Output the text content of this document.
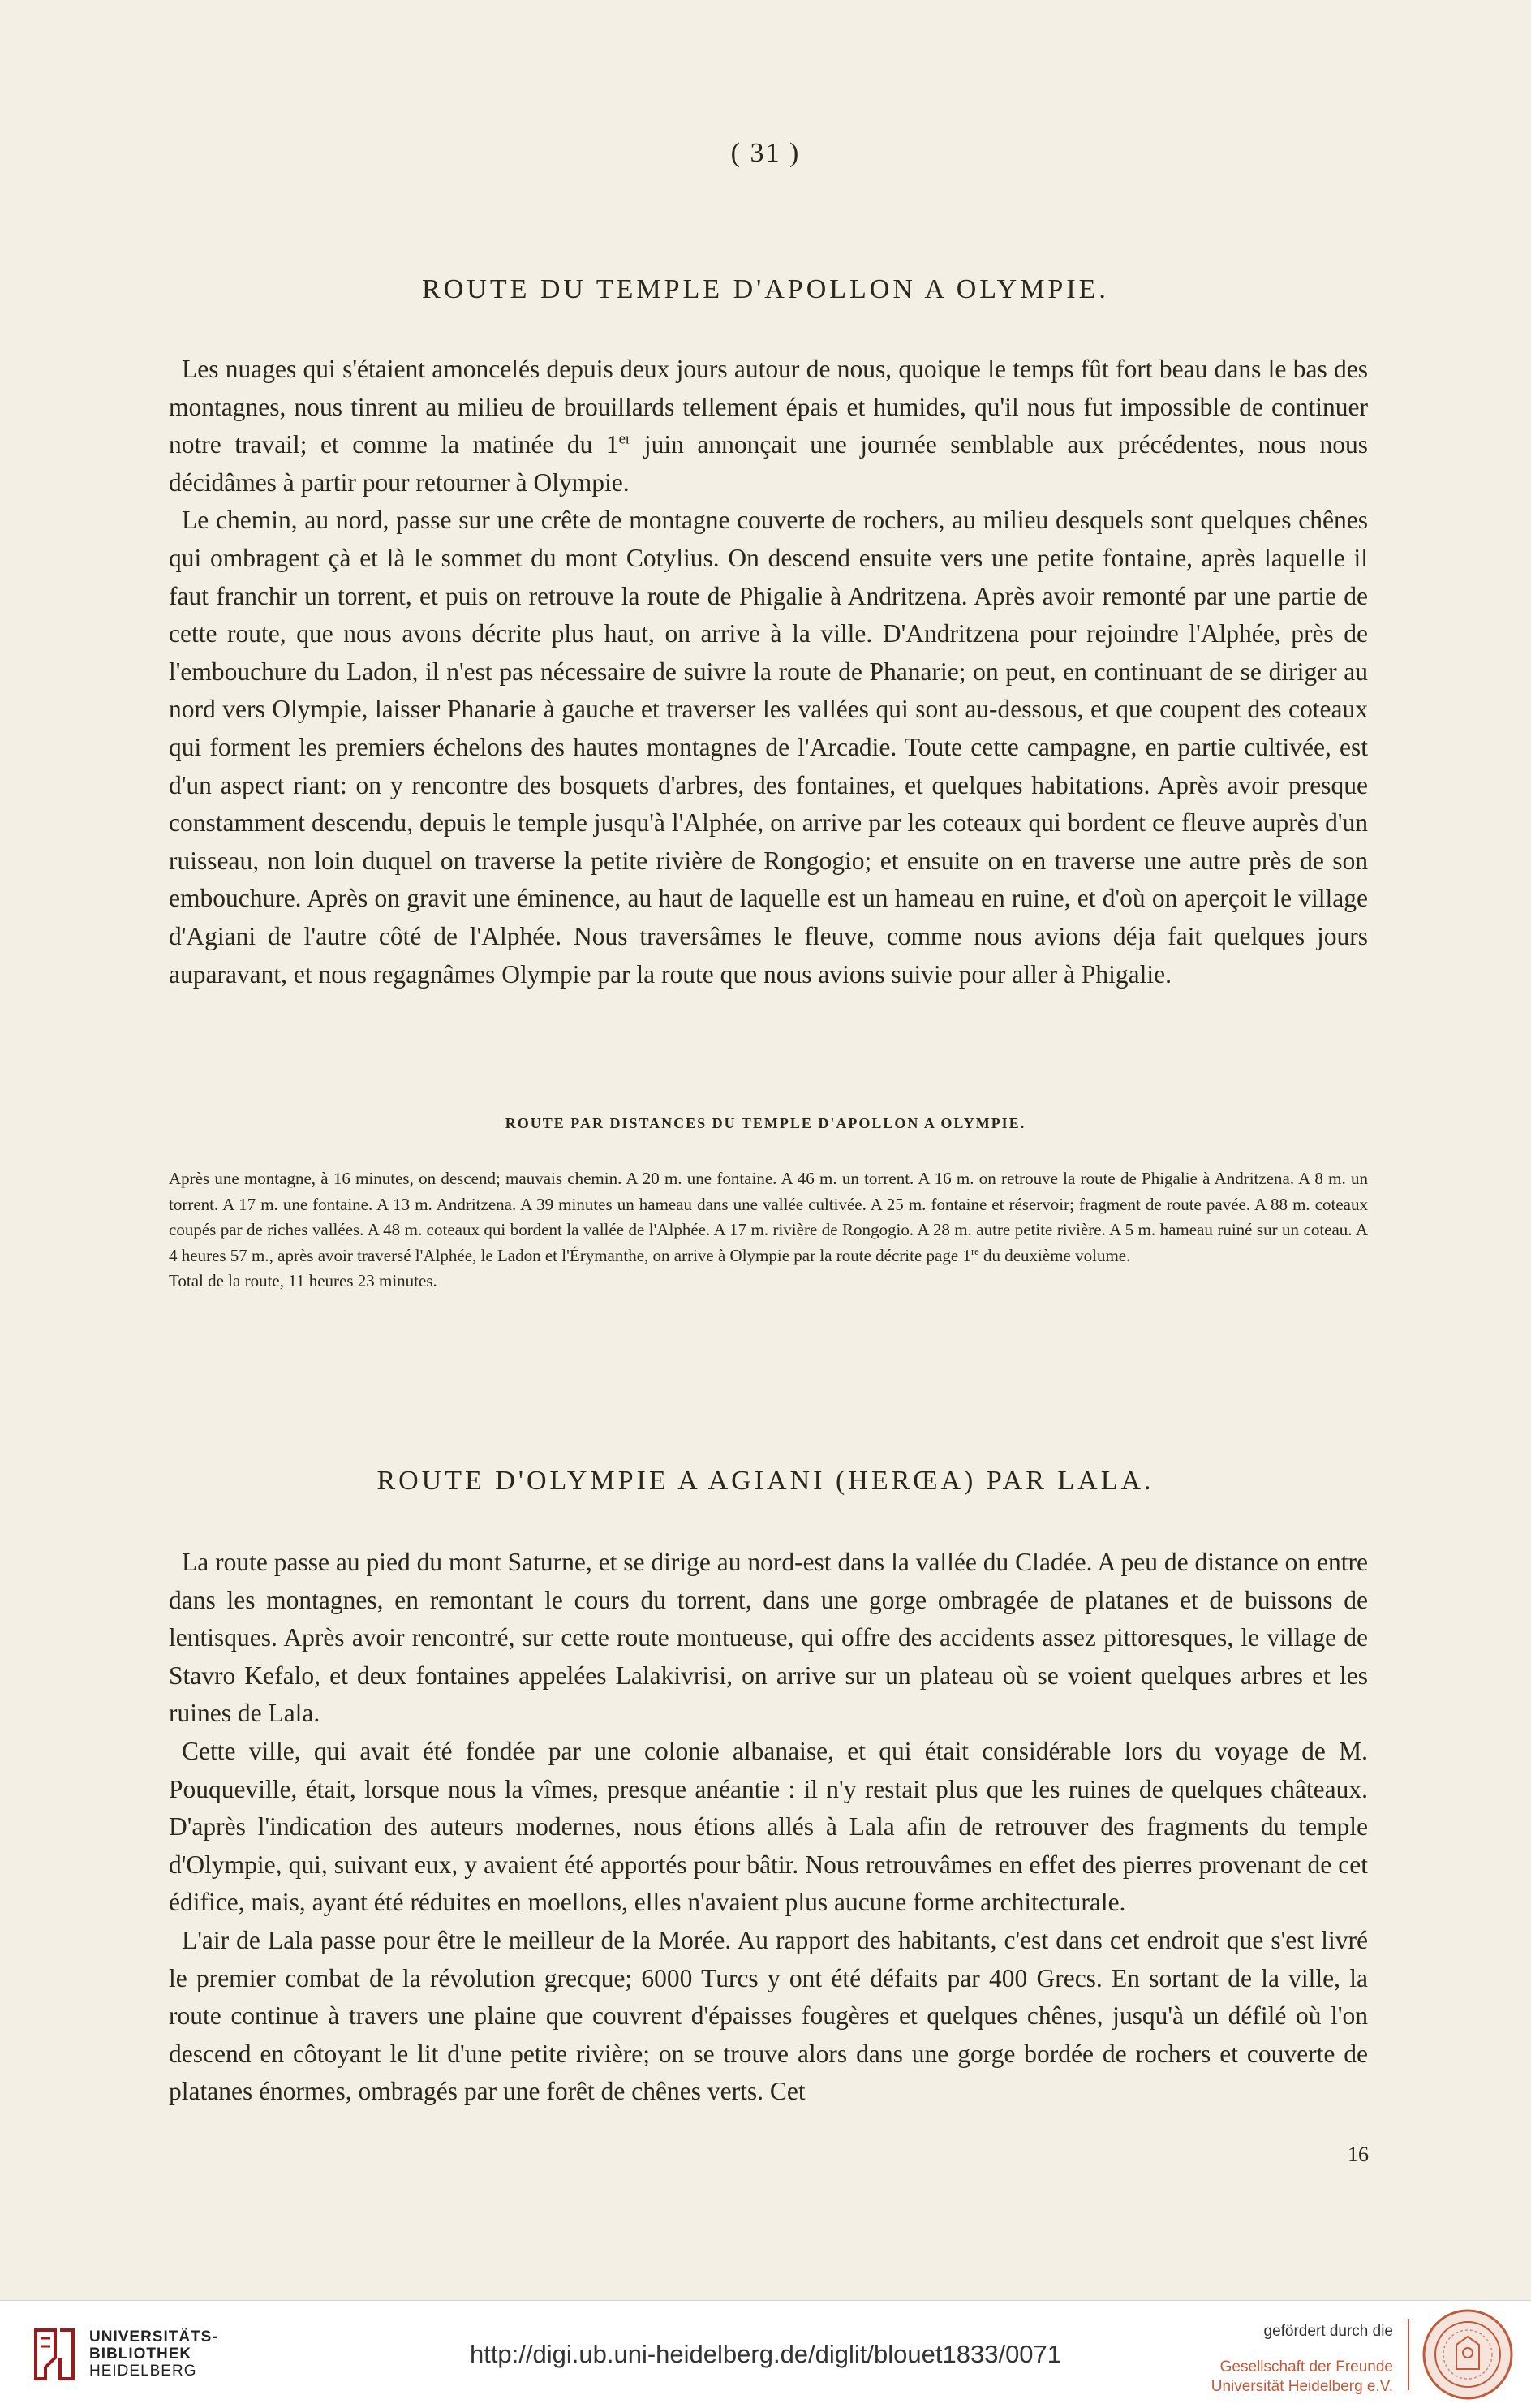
( 31 )
ROUTE DU TEMPLE D'APOLLON A OLYMPIE.

Les nuages qui s'étaient amoncelés depuis deux jours autour de nous, quoique le temps fût fort beau dans le bas des montagnes, nous tinrent au milieu de brouillards tellement épais et humides, qu'il nous fut impossible de continuer notre travail; et comme la matinée du 1er juin annonçait une journée semblable aux précédentes, nous nous décidâmes à partir pour retourner à Olympie.

Le chemin, au nord, passe sur une crête de montagne couverte de rochers, au milieu desquels sont quelques chênes qui ombragent çà et là le sommet du mont Cotylius. On descend ensuite vers une petite fontaine, après laquelle il faut franchir un torrent, et puis on retrouve la route de Phigalie à Andritzena. Après avoir remonté par une partie de cette route, que nous avons décrite plus haut, on arrive à la ville. D'Andritzena pour rejoindre l'Alphée, près de l'embouchure du Ladon, il n'est pas nécessaire de suivre la route de Phanarie; on peut, en continuant de se diriger au nord vers Olympie, laisser Phanarie à gauche et traverser les vallées qui sont au-dessous, et que coupent des coteaux qui forment les premiers échelons des hautes montagnes de l'Arcadie. Toute cette campagne, en partie cultivée, est d'un aspect riant: on y rencontre des bosquets d'arbres, des fontaines, et quelques habitations. Après avoir presque constamment descendu, depuis le temple jusqu'à l'Alphée, on arrive par les coteaux qui bordent ce fleuve auprès d'un ruisseau, non loin duquel on traverse la petite rivière de Rongogio; et ensuite on en traverse une autre près de son embouchure. Après on gravit une éminence, au haut de laquelle est un hameau en ruine, et d'où on aperçoit le village d'Agiani de l'autre côté de l'Alphée. Nous traversâmes le fleuve, comme nous avions déja fait quelques jours auparavant, et nous regagnâmes Olympie par la route que nous avions suivie pour aller à Phigalie.

ROUTE PAR DISTANCES DU TEMPLE D'APOLLON A OLYMPIE.

Après une montagne, à 16 minutes, on descend; mauvais chemin. A 20 m. une fontaine. A 46 m. un torrent. A 16 m. on retrouve la route de Phigalie à Andritzena. A 8 m. un torrent. A 17 m. une fontaine. A 13 m. Andritzena. A 39 minutes un hameau dans une vallée cultivée. A 25 m. fontaine et réservoir; fragment de route pavée. A 88 m. coteaux coupés par de riches vallées. A 48 m. coteaux qui bordent la vallée de l'Alphée. A 17 m. rivière de Rongogio. A 28 m. autre petite rivière. A 5 m. hameau ruiné sur un coteau. A 4 heures 57 m., après avoir traversé l'Alphée, le Ladon et l'Érymanthe, on arrive à Olympie par la route décrite page 1re du deuxième volume.

Total de la route, 11 heures 23 minutes.

ROUTE D'OLYMPIE A AGIANI (HERŒA) PAR LALA.

La route passe au pied du mont Saturne, et se dirige au nord-est dans la vallée du Cladée. A peu de distance on entre dans les montagnes, en remontant le cours du torrent, dans une gorge ombragée de platanes et de buissons de lentisques. Après avoir rencontré, sur cette route montueuse, qui offre des accidents assez pittoresques, le village de Stavro Kefalo, et deux fontaines appelées Lalakivrisi, on arrive sur un plateau où se voient quelques arbres et les ruines de Lala.

Cette ville, qui avait été fondée par une colonie albanaise, et qui était considérable lors du voyage de M. Pouqueville, était, lorsque nous la vîmes, presque anéantie : il n'y restait plus que les ruines de quelques châteaux. D'après l'indication des auteurs modernes, nous étions allés à Lala afin de retrouver des fragments du temple d'Olympie, qui, suivant eux, y avaient été apportés pour bâtir. Nous retrouvâmes en effet des pierres provenant de cet édifice, mais, ayant été réduites en moellons, elles n'avaient plus aucune forme architecturale.

L'air de Lala passe pour être le meilleur de la Morée. Au rapport des habitants, c'est dans cet endroit que s'est livré le premier combat de la révolution grecque; 6000 Turcs y ont été défaits par 400 Grecs. En sortant de la ville, la route continue à travers une plaine que couvrent d'épaisses fougères et quelques chênes, jusqu'à un défilé où l'on descend en côtoyant le lit d'une petite rivière; on se trouve alors dans une gorge bordée de rochers et couverte de platanes énormes, ombragés par une forêt de chênes verts. Cet

16
UNIVERSITÄTS-
BIBLIOTHEK
HEIDELBERG
http://digi.ub.uni-heidelberg.de/diglit/blouet1833/0071
gefördert durch die
Gesellschaft der Freunde
Universität Heidelberg e.V.
